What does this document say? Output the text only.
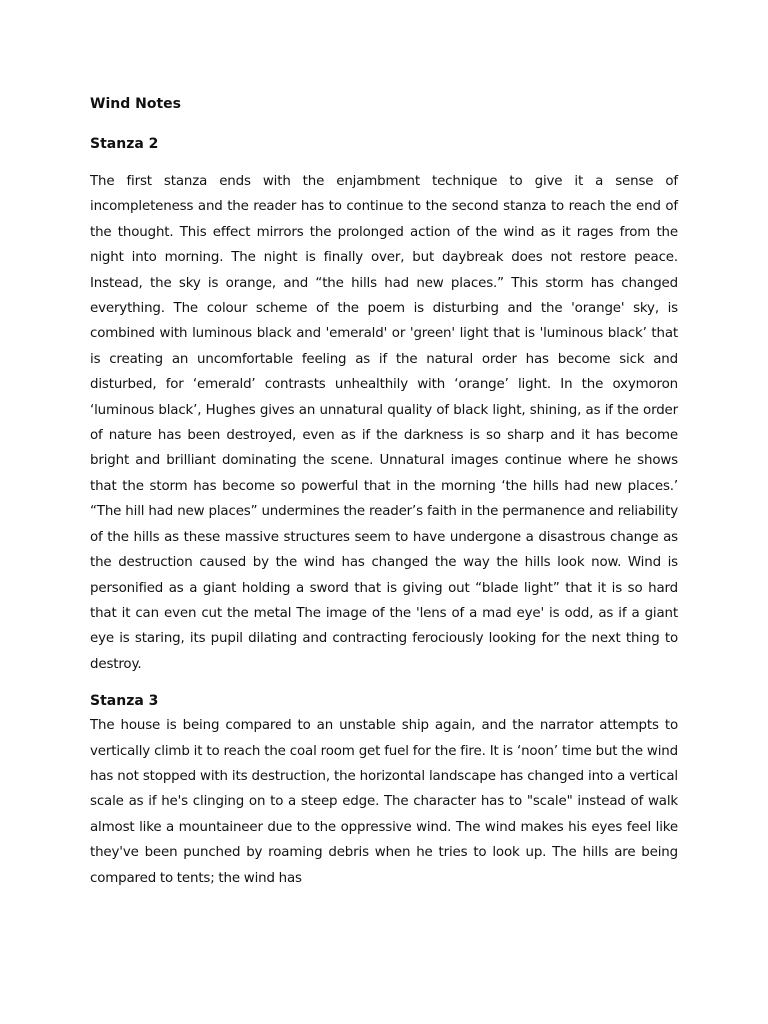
Wind Notes
Stanza 2

The first stanza ends with the enjambment technique to give it a sense of incompleteness and the reader has to continue to the second stanza to reach the end of the thought. This effect mirrors the prolonged action of the wind as it rages from the night into morning. The night is finally over, but daybreak does not restore peace. Instead, the sky is orange, and “the hills had new places.” This storm has changed everything. The colour scheme of the poem is disturbing and the 'orange' sky, is combined with luminous black and 'emerald' or 'green' light that is 'luminous black’ that is creating an uncomfortable feeling as if the natural order has become sick and disturbed, for ‘emerald’ contrasts unhealthily with ‘orange’ light. In the oxymoron ‘luminous black’, Hughes gives an unnatural quality of black light, shining, as if the order of nature has been destroyed, even as if the darkness is so sharp and it has become bright and brilliant dominating the scene. Unnatural images continue where he shows that the storm has become so powerful that in the morning ‘the hills had new places.’ “The hill had new places” undermines the reader’s faith in the permanence and reliability of the hills as these massive structures seem to have undergone a disastrous change as the destruction caused by the wind has changed the way the hills look now. Wind is personified as a giant holding a sword that is giving out “blade light” that it is so hard that it can even cut the metal The image of the 'lens of a mad eye' is odd, as if a giant eye is staring, its pupil dilating and contracting ferociously looking for the next thing to destroy.

Stanza 3

The house is being compared to an unstable ship again, and the narrator attempts to vertically climb it to reach the coal room get fuel for the fire. It is ‘noon’ time but the wind has not stopped with its destruction, the horizontal landscape has changed into a vertical scale as if he's clinging on to a steep edge. The character has to "scale" instead of walk almost like a mountaineer due to the oppressive wind. The wind makes his eyes feel like they've been punched by roaming debris when he tries to look up. The hills are being compared to tents; the wind has
